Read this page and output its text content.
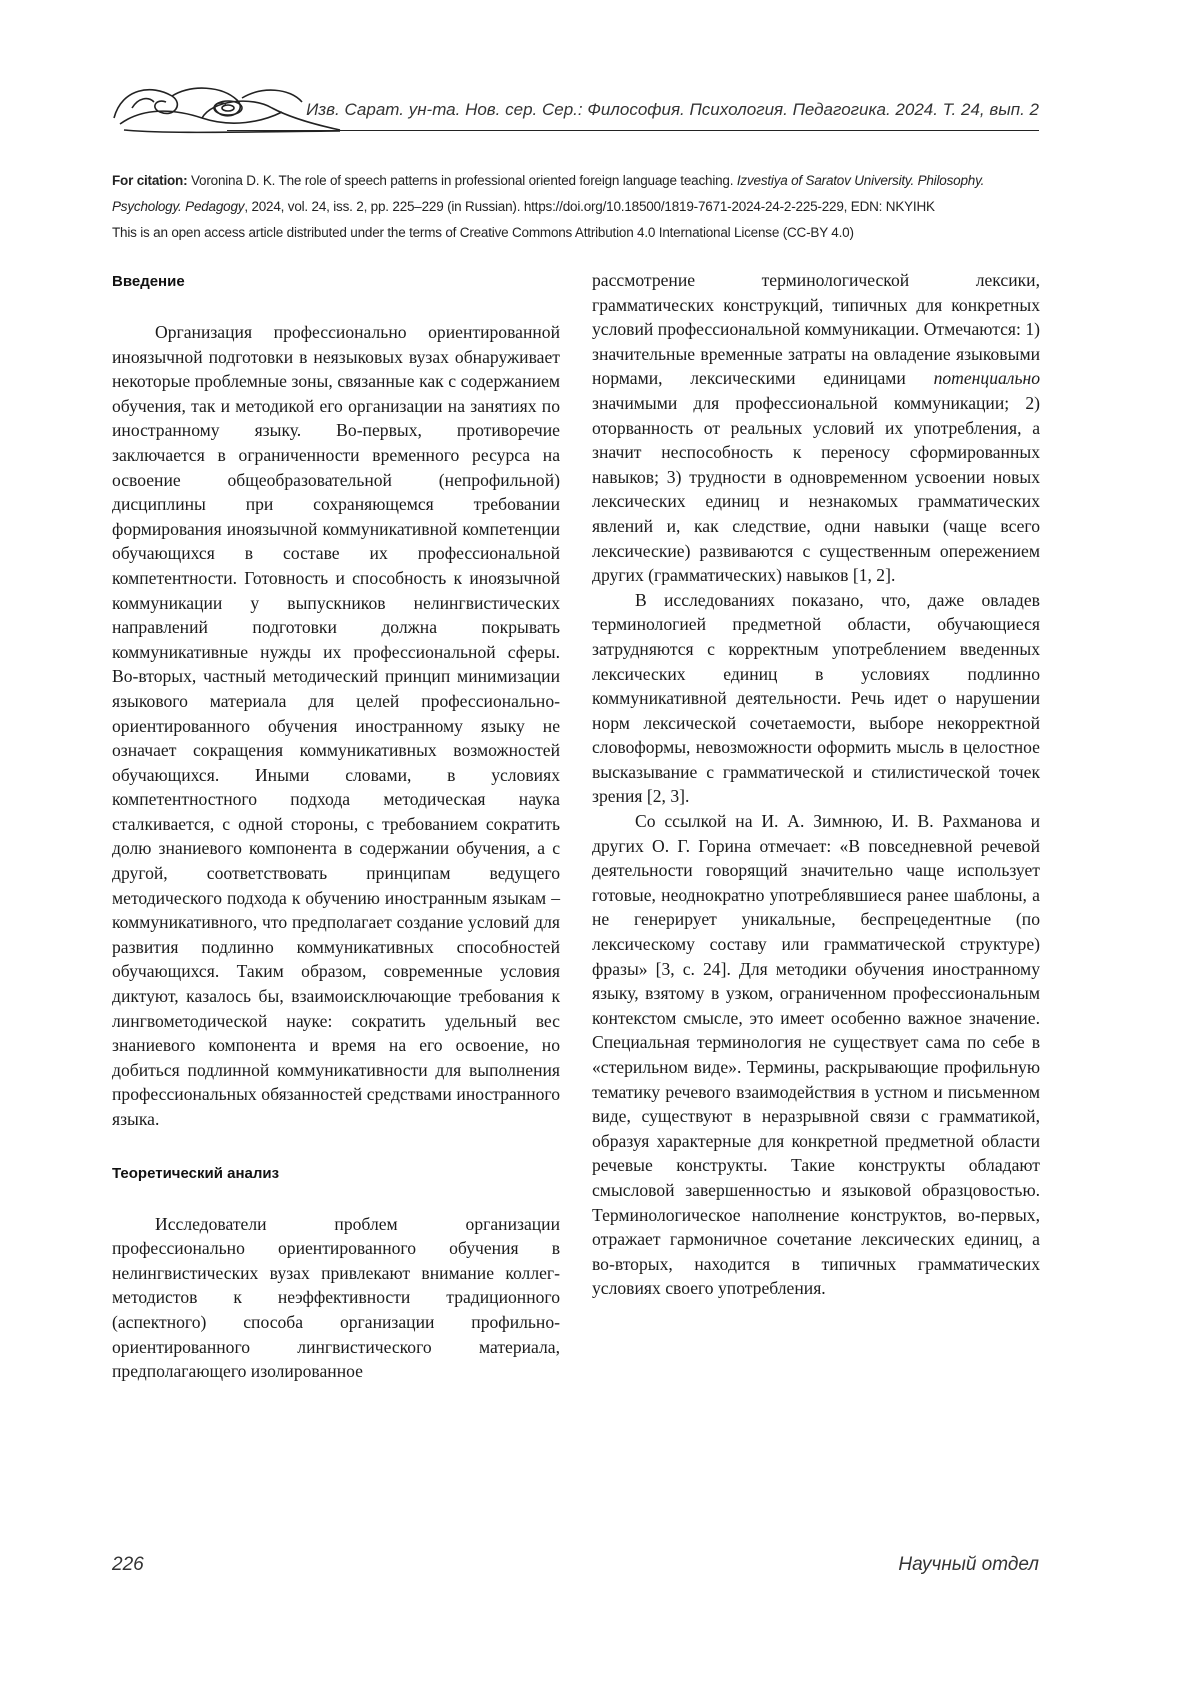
Изв. Сарат. ун-та. Нов. сер. Сер.: Философия. Психология. Педагогика. 2024. Т. 24, вып. 2
For citation: Voronina D. K. The role of speech patterns in professional oriented foreign language teaching. Izvestiya of Saratov University. Philosophy. Psychology. Pedagogy, 2024, vol. 24, iss. 2, pp. 225–229 (in Russian). https://doi.org/10.18500/1819-7671-2024-24-2-225-229, EDN: NKYIHK
This is an open access article distributed under the terms of Creative Commons Attribution 4.0 International License (CC-BY 4.0)
Введение

Организация профессионально ориентированной иноязычной подготовки в неязыковых вузах обнаруживает некоторые проблемные зоны, связанные как с содержанием обучения, так и методикой его организации на занятиях по иностранному языку. Во-первых, противоречие заключается в ограниченности временного ресурса на освоение общеобразовательной (непрофильной) дисциплины при сохраняющемся требовании формирования иноязычной коммуникативной компетенции обучающихся в составе их профессиональной компетентности. Готовность и способность к иноязычной коммуникации у выпускников нелингвистических направлений подготовки должна покрывать коммуникативные нужды их профессиональной сферы. Во-вторых, частный методический принцип минимизации языкового материала для целей профессионально-ориентированного обучения иностранному языку не означает сокращения коммуникативных возможностей обучающихся. Иными словами, в условиях компетентностного подхода методическая наука сталкивается, с одной стороны, с требованием сократить долю знаниевого компонента в содержании обучения, а с другой, соответствовать принципам ведущего методического подхода к обучению иностранным языкам – коммуникативного, что предполагает создание условий для развития подлинно коммуникативных способностей обучающихся. Таким образом, современные условия диктуют, казалось бы, взаимоисключающие требования к лингвометодической науке: сократить удельный вес знаниевого компонента и время на его освоение, но добиться подлинной коммуникативности для выполнения профессиональных обязанностей средствами иностранного языка.

Теоретический анализ

Исследователи проблем организации профессионально ориентированного обучения в нелингвистических вузах привлекают внимание коллег-методистов к неэффективности традиционного (аспектного) способа организации профильно-ориентированного лингвистического материала, предполагающего изолированное

рассмотрение терминологической лексики, грамматических конструкций, типичных для конкретных условий профессиональной коммуникации. Отмечаются: 1) значительные временные затраты на овладение языковыми нормами, лексическими единицами потенциально значимыми для профессиональной коммуникации; 2) оторванность от реальных условий их употребления, а значит неспособность к переносу сформированных навыков; 3) трудности в одновременном усвоении новых лексических единиц и незнакомых грамматических явлений и, как следствие, одни навыки (чаще всего лексические) развиваются с существенным опережением других (грамматических) навыков [1, 2].

В исследованиях показано, что, даже овладев терминологией предметной области, обучающиеся затрудняются с корректным употреблением введенных лексических единиц в условиях подлинно коммуникативной деятельности. Речь идет о нарушении норм лексической сочетаемости, выборе некорректной словоформы, невозможности оформить мысль в целостное высказывание с грамматической и стилистической точек зрения [2, 3].

Со ссылкой на И. А. Зимнюю, И. В. Рахманова и других О. Г. Горина отмечает: «В повседневной речевой деятельности говорящий значительно чаще использует готовые, неоднократно употреблявшиеся ранее шаблоны, а не генерирует уникальные, беспрецедентные (по лексическому составу или грамматической структуре) фразы» [3, с. 24]. Для методики обучения иностранному языку, взятому в узком, ограниченном профессиональным контекстом смысле, это имеет особенно важное значение. Специальная терминология не существует сама по себе в «стерильном виде». Термины, раскрывающие профильную тематику речевого взаимодействия в устном и письменном виде, существуют в неразрывной связи с грамматикой, образуя характерные для конкретной предметной области речевые конструкты. Такие конструкты обладают смысловой завершенностью и языковой образцовостью. Терминологическое наполнение конструктов, во-первых, отражает гармоничное сочетание лексических единиц, а во-вторых, находится в типичных грамматических условиях своего употребления.

226	Научный отдел
